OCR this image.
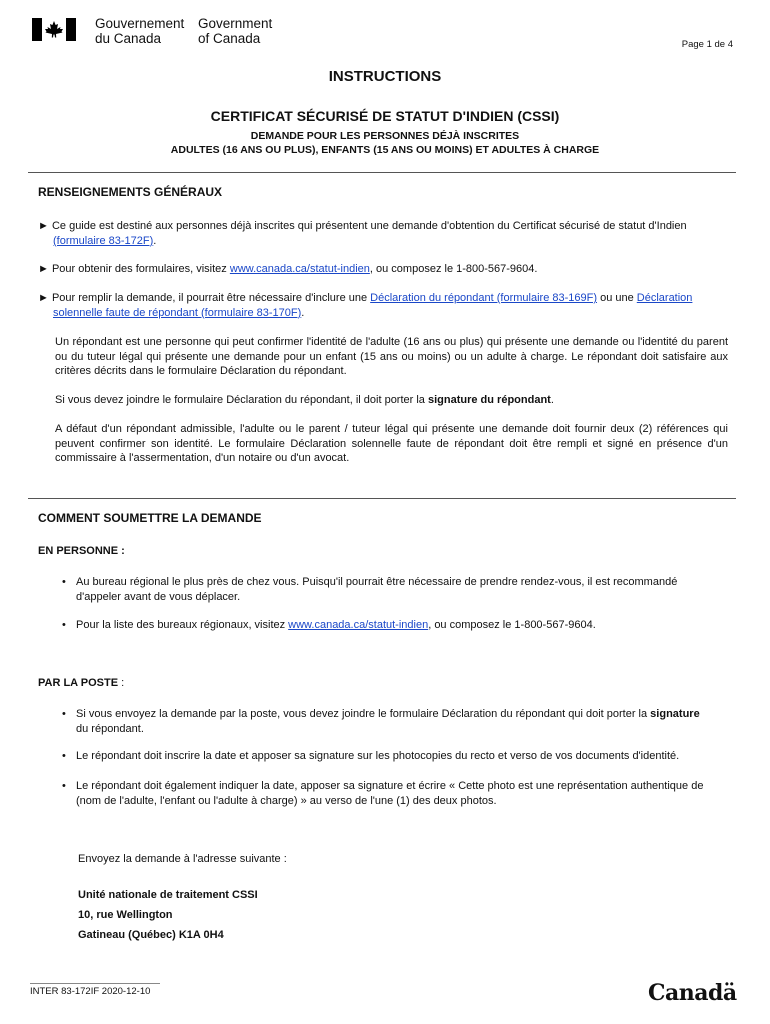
Gouvernement
du Canada
Government
of Canada	Page 1 de 4
INSTRUCTIONS
CERTIFICAT SÉCURISÉ DE STATUT D'INDIEN (CSSI)
DEMANDE POUR LES PERSONNES DÉJÀ INSCRITES
ADULTES (16 ANS OU PLUS), ENFANTS (15 ANS OU MOINS) ET ADULTES À CHARGE
RENSEIGNEMENTS GÉNÉRAUX
► Ce guide est destiné aux personnes déjà inscrites qui présentent une demande d'obtention du Certificat sécurisé de statut d'Indien
(formulaire 83-172F).
► Pour obtenir des formulaires, visitez www.canada.ca/statut-indien, ou composez le 1-800-567-9604.
► Pour remplir la demande, il pourrait être nécessaire d'inclure une Déclaration du répondant (formulaire 83-169F) ou une Déclaration
solennelle faute de répondant (formulaire 83-170F).
Un répondant est une personne qui peut confirmer l'identité de l'adulte (16 ans ou plus) qui présente une demande ou l'identité du parent ou du tuteur légal qui présente une demande pour un enfant (15 ans ou moins) ou un adulte à charge. Le répondant doit satisfaire aux critères décrits dans le formulaire Déclaration du répondant.
Si vous devez joindre le formulaire Déclaration du répondant, il doit porter la signature du répondant.
A défaut d'un répondant admissible, l'adulte ou le parent / tuteur légal qui présente une demande doit fournir deux (2) références qui peuvent confirmer son identité. Le formulaire Déclaration solennelle faute de répondant doit être rempli et signé en présence d'un commissaire à l'assermentation, d'un notaire ou d'un avocat.
COMMENT SOUMETTRE LA DEMANDE
EN PERSONNE :
• Au bureau régional le plus près de chez vous. Puisqu'il pourrait être nécessaire de prendre rendez-vous, il est recommandé d'appeler avant de vous déplacer.
• Pour la liste des bureaux régionaux, visitez www.canada.ca/statut-indien, ou composez le 1-800-567-9604.
PAR LA POSTE :
• Si vous envoyez la demande par la poste, vous devez joindre le formulaire Déclaration du répondant qui doit porter la signature
du répondant.
• Le répondant doit inscrire la date et apposer sa signature sur les photocopies du recto et verso de vos documents d'identité.
• Le répondant doit également indiquer la date, apposer sa signature et écrire « Cette photo est une représentation authentique de (nom de l'adulte, l'enfant ou l'adulte à charge) » au verso de l'une (1) des deux photos.
Envoyez la demande à l'adresse suivante :
Unité nationale de traitement CSSI
10, rue Wellington
Gatineau (Québec) K1A 0H4
INTER 83-172IF 2020-12-10	Canadä
